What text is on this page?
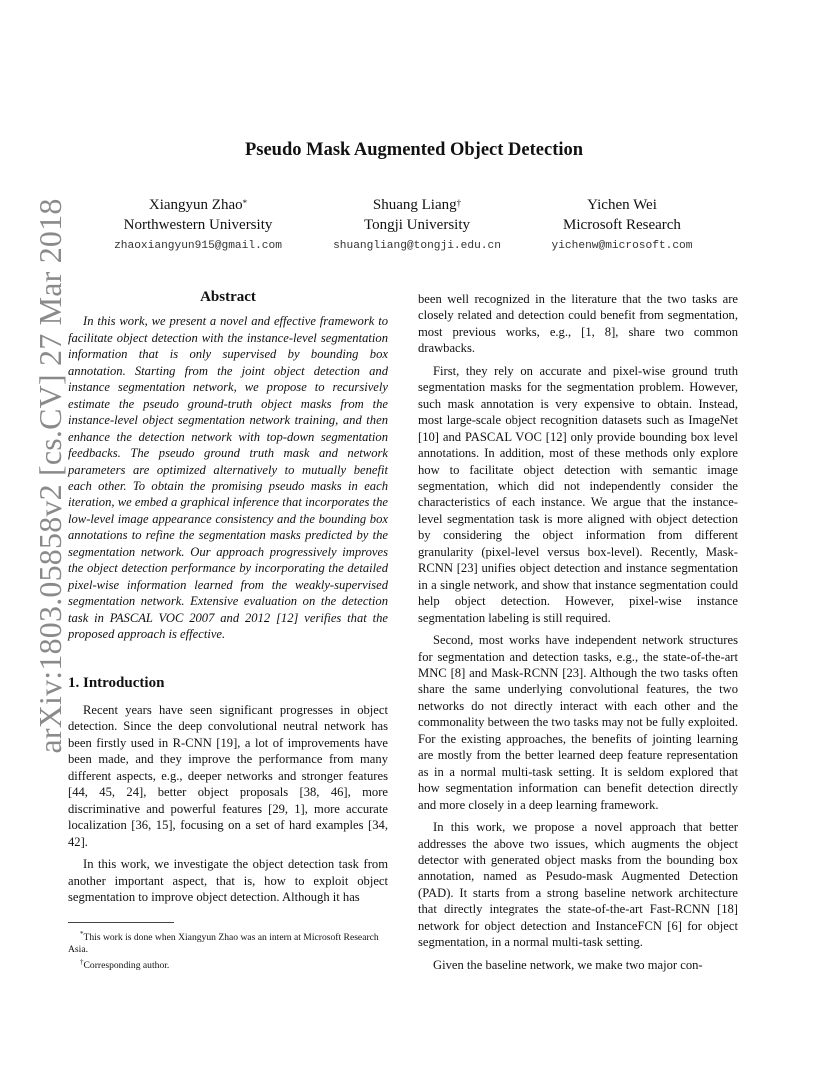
arXiv:1803.05858v2 [cs.CV] 27 Mar 2018
Pseudo Mask Augmented Object Detection
Xiangyun Zhao*
Northwestern University
zhaoxiangyun915@gmail.com
Shuang Liang†
Tongji University
shuangliang@tongji.edu.cn
Yichen Wei
Microsoft Research
yichenw@microsoft.com
Abstract

In this work, we present a novel and effective framework to facilitate object detection with the instance-level segmentation information that is only supervised by bounding box annotation. Starting from the joint object detection and instance segmentation network, we propose to recursively estimate the pseudo ground-truth object masks from the instance-level object segmentation network training, and then enhance the detection network with top-down segmentation feedbacks. The pseudo ground truth mask and network parameters are optimized alternatively to mutually benefit each other. To obtain the promising pseudo masks in each iteration, we embed a graphical inference that incorporates the low-level image appearance consistency and the bounding box annotations to refine the segmentation masks predicted by the segmentation network. Our approach progressively improves the object detection performance by incorporating the detailed pixel-wise information learned from the weakly-supervised segmentation network. Extensive evaluation on the detection task in PASCAL VOC 2007 and 2012 [12] verifies that the proposed approach is effective.

1. Introduction

Recent years have seen significant progresses in object detection. Since the deep convolutional neutral network has been firstly used in R-CNN [19], a lot of improvements have been made, and they improve the performance from many different aspects, e.g., deeper networks and stronger features [44, 45, 24], better object proposals [38, 46], more discriminative and powerful features [29, 1], more accurate localization [36, 15], focusing on a set of hard examples [34, 42].

In this work, we investigate the object detection task from another important aspect, that is, how to exploit object segmentation to improve object detection. Although it has

been well recognized in the literature that the two tasks are closely related and detection could benefit from segmentation, most previous works, e.g., [1, 8], share two common drawbacks.

First, they rely on accurate and pixel-wise ground truth segmentation masks for the segmentation problem. However, such mask annotation is very expensive to obtain. Instead, most large-scale object recognition datasets such as ImageNet [10] and PASCAL VOC [12] only provide bounding box level annotations. In addition, most of these methods only explore how to facilitate object detection with semantic image segmentation, which did not independently consider the characteristics of each instance. We argue that the instance-level segmentation task is more aligned with object detection by considering the object information from different granularity (pixel-level versus box-level). Recently, Mask-RCNN [23] unifies object detection and instance segmentation in a single network, and show that instance segmentation could help object detection. However, pixel-wise instance segmentation labeling is still required.

Second, most works have independent network structures for segmentation and detection tasks, e.g., the state-of-the-art MNC [8] and Mask-RCNN [23]. Although the two tasks often share the same underlying convolutional features, the two networks do not directly interact with each other and the commonality between the two tasks may not be fully exploited. For the existing approaches, the benefits of jointing learning are mostly from the better learned deep feature representation as in a normal multi-task setting. It is seldom explored that how segmentation information can benefit detection directly and more closely in a deep learning framework.

In this work, we propose a novel approach that better addresses the above two issues, which augments the object detector with generated object masks from the bounding box annotation, named as Pesudo-mask Augmented Detection (PAD). It starts from a strong baseline network architecture that directly integrates the state-of-the-art Fast-RCNN [18] network for object detection and InstanceFCN [6] for object segmentation, in a normal multi-task setting.

Given the baseline network, we make two major con-

*This work is done when Xiangyun Zhao was an intern at Microsoft Research Asia.
†Corresponding author.
